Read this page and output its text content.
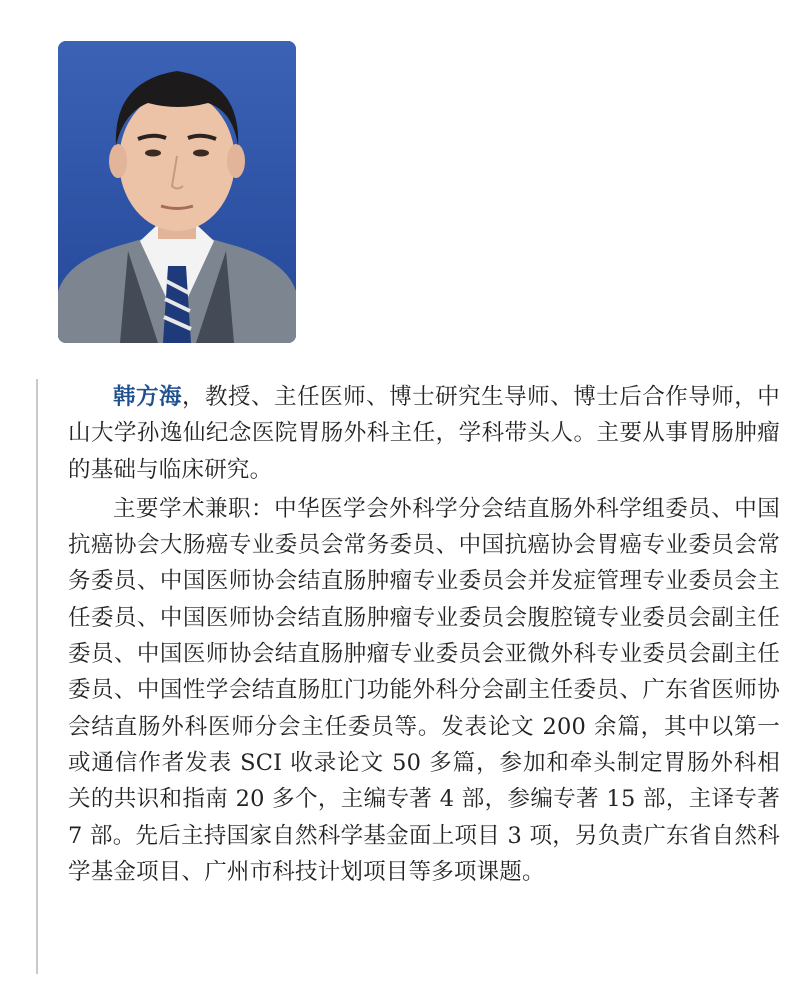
韩方海，教授、主任医师、博士研究生导师、博士后合作导师，中山大学孙逸仙纪念医院胃肠外科主任，学科带头人。主要从事胃肠肿瘤的基础与临床研究。

主要学术兼职：中华医学会外科学分会结直肠外科学组委员、中国抗癌协会大肠癌专业委员会常务委员、中国抗癌协会胃癌专业委员会常务委员、中国医师协会结直肠肿瘤专业委员会并发症管理专业委员会主任委员、中国医师协会结直肠肿瘤专业委员会腹腔镜专业委员会副主任委员、中国医师协会结直肠肿瘤专业委员会亚微外科专业委员会副主任委员、中国性学会结直肠肛门功能外科分会副主任委员、广东省医师协会结直肠外科医师分会主任委员等。发表论文 200 余篇，其中以第一或通信作者发表 SCI 收录论文 50 多篇，参加和牵头制定胃肠外科相关的共识和指南 20 多个，主编专著 4 部，参编专著 15 部，主译专著 7 部。先后主持国家自然科学基金面上项目 3 项，另负责广东省自然科学基金项目、广州市科技计划项目等多项课题。
